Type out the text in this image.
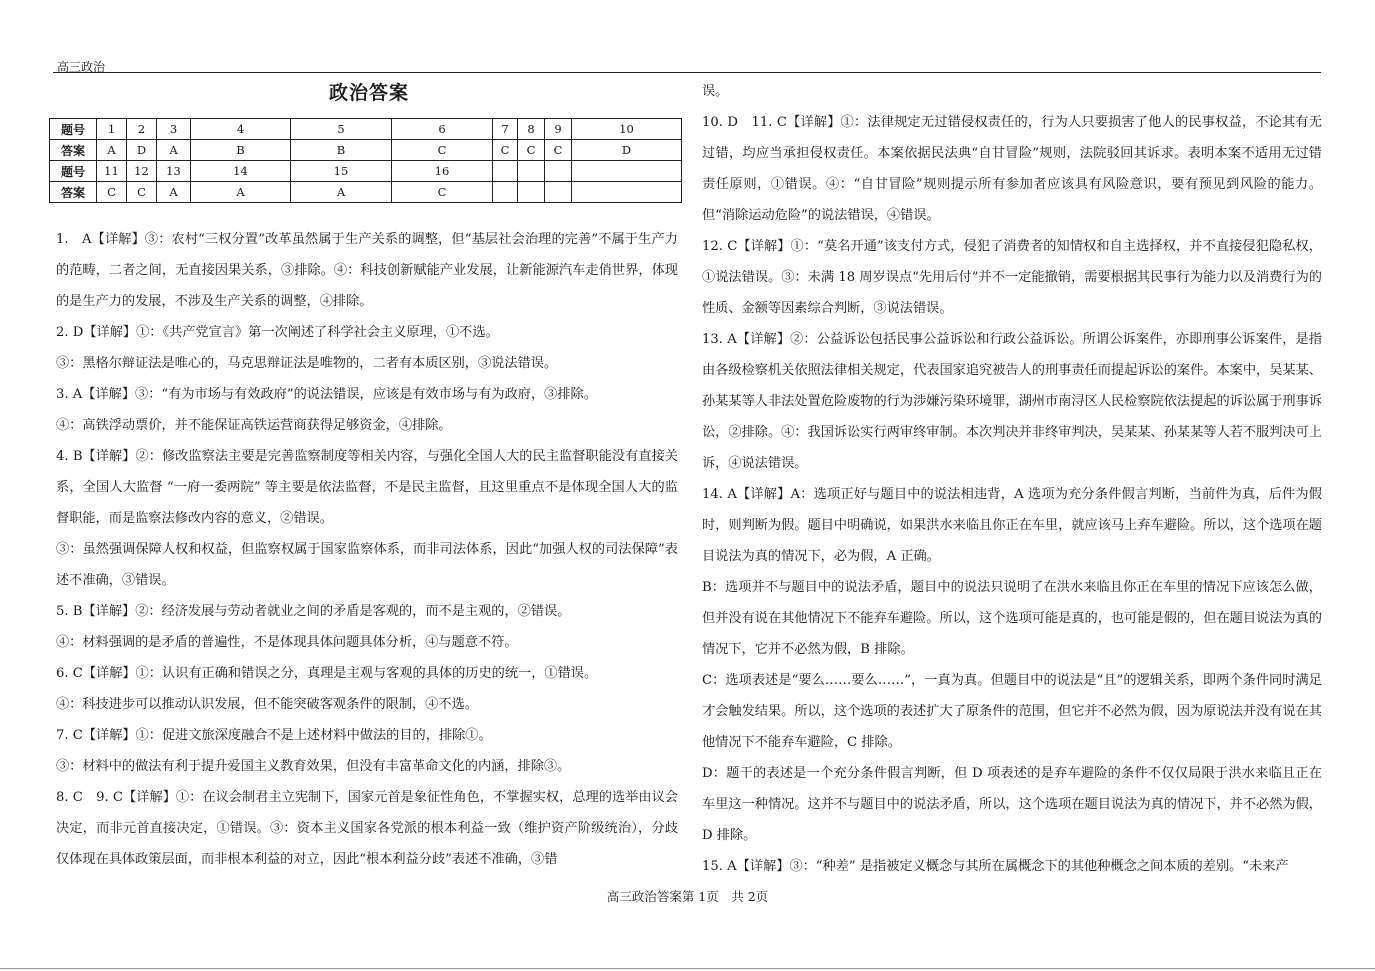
高三政治
政治答案
题号	1	2	3	4	5	6	7	8	9	10
答案	A	D	A	B	B	C	C	C	C	D
题号	11	12	13	14	15	16				
答案	C	C	A	A	A	C				

1.　A【详解】③：农村“三权分置”改革虽然属于生产关系的调整，但“基层社会治理的完善”不属于生产力的范畴，二者之间，无直接因果关系，③排除。④：科技创新赋能产业发展，让新能源汽车走俏世界，体现的是生产力的发展，不涉及生产关系的调整，④排除。

2. D【详解】①：《共产党宣言》第一次阐述了科学社会主义原理，①不选。

③：黑格尔辩证法是唯心的，马克思辩证法是唯物的，二者有本质区别，③说法错误。

3. A【详解】③：“有为市场与有效政府”的说法错误，应该是有效市场与有为政府，③排除。

④：高铁浮动票价，并不能保证高铁运营商获得足够资金，④排除。

4. B【详解】②：修改监察法主要是完善监察制度等相关内容，与强化全国人大的民主监督职能没有直接关系，全国人大监督 “一府一委两院” 等主要是依法监督，不是民主监督，且这里重点不是体现全国人大的监督职能，而是监察法修改内容的意义，②错误。

③：虽然强调保障人权和权益，但监察权属于国家监察体系，而非司法体系，因此“加强人权的司法保障”表述不准确，③错误。

5. B【详解】②：经济发展与劳动者就业之间的矛盾是客观的，而不是主观的，②错误。

④：材料强调的是矛盾的普遍性，不是体现具体问题具体分析，④与题意不符。

6. C【详解】①：认识有正确和错误之分，真理是主观与客观的具体的历史的统一，①错误。

④：科技进步可以推动认识发展，但不能突破客观条件的限制，④不选。

7. C【详解】①：促进文旅深度融合不是上述材料中做法的目的，排除①。

③：材料中的做法有利于提升爱国主义教育效果，但没有丰富革命文化的内涵，排除③。

8. C　9. C【详解】①：在议会制君主立宪制下，国家元首是象征性角色，不掌握实权，总理的选举由议会决定，而非元首直接决定，①错误。③：资本主义国家各党派的根本利益一致（维护资产阶级统治），分歧仅体现在具体政策层面，而非根本利益的对立，因此“根本利益分歧”表述不准确，③错

误。

10. D　11. C【详解】①：法律规定无过错侵权责任的，行为人只要损害了他人的民事权益，不论其有无过错，均应当承担侵权责任。本案依据民法典“自甘冒险”规则，法院驳回其诉求。表明本案不适用无过错责任原则，①错误。④：“自甘冒险”规则提示所有参加者应该具有风险意识，要有预见到风险的能力。但“消除运动危险”的说法错误，④错误。

12. C【详解】①：“莫名开通”该支付方式，侵犯了消费者的知情权和自主选择权，并不直接侵犯隐私权，①说法错误。③：未满 18 周岁误点“先用后付”并不一定能撤销，需要根据其民事行为能力以及消费行为的性质、金额等因素综合判断，③说法错误。

13. A【详解】②：公益诉讼包括民事公益诉讼和行政公益诉讼。所谓公诉案件，亦即刑事公诉案件，是指由各级检察机关依照法律相关规定，代表国家追究被告人的刑事责任而提起诉讼的案件。本案中，吴某某、孙某某等人非法处置危险废物的行为涉嫌污染环境罪，湖州市南浔区人民检察院依法提起的诉讼属于刑事诉讼，②排除。④：我国诉讼实行两审终审制。本次判决并非终审判决，吴某某、孙某某等人若不服判决可上诉，④说法错误。

14. A【详解】A：选项正好与题目中的说法相违背，A 选项为充分条件假言判断，当前件为真，后件为假时，则判断为假。题目中明确说，如果洪水来临且你正在车里，就应该马上弃车避险。所以，这个选项在题目说法为真的情况下，必为假，A 正确。

B：选项并不与题目中的说法矛盾，题目中的说法只说明了在洪水来临且你正在车里的情况下应该怎么做，但并没有说在其他情况下不能弃车避险。所以，这个选项可能是真的，也可能是假的，但在题目说法为真的情况下，它并不必然为假，B 排除。

C：选项表述是“要么……要么……”，一真为真。但题目中的说法是“且”的逻辑关系，即两个条件同时满足才会触发结果。所以，这个选项的表述扩大了原条件的范围，但它并不必然为假，因为原说法并没有说在其他情况下不能弃车避险，C 排除。

D：题干的表述是一个充分条件假言判断，但 D 项表述的是弃车避险的条件不仅仅局限于洪水来临且正在车里这一种情况。这并不与题目中的说法矛盾，所以，这个选项在题目说法为真的情况下，并不必然为假，D 排除。

15. A【详解】③：“种差” 是指被定义概念与其所在属概念下的其他种概念之间本质的差别。“未来产

高三政治答案第 1页　共 2页
